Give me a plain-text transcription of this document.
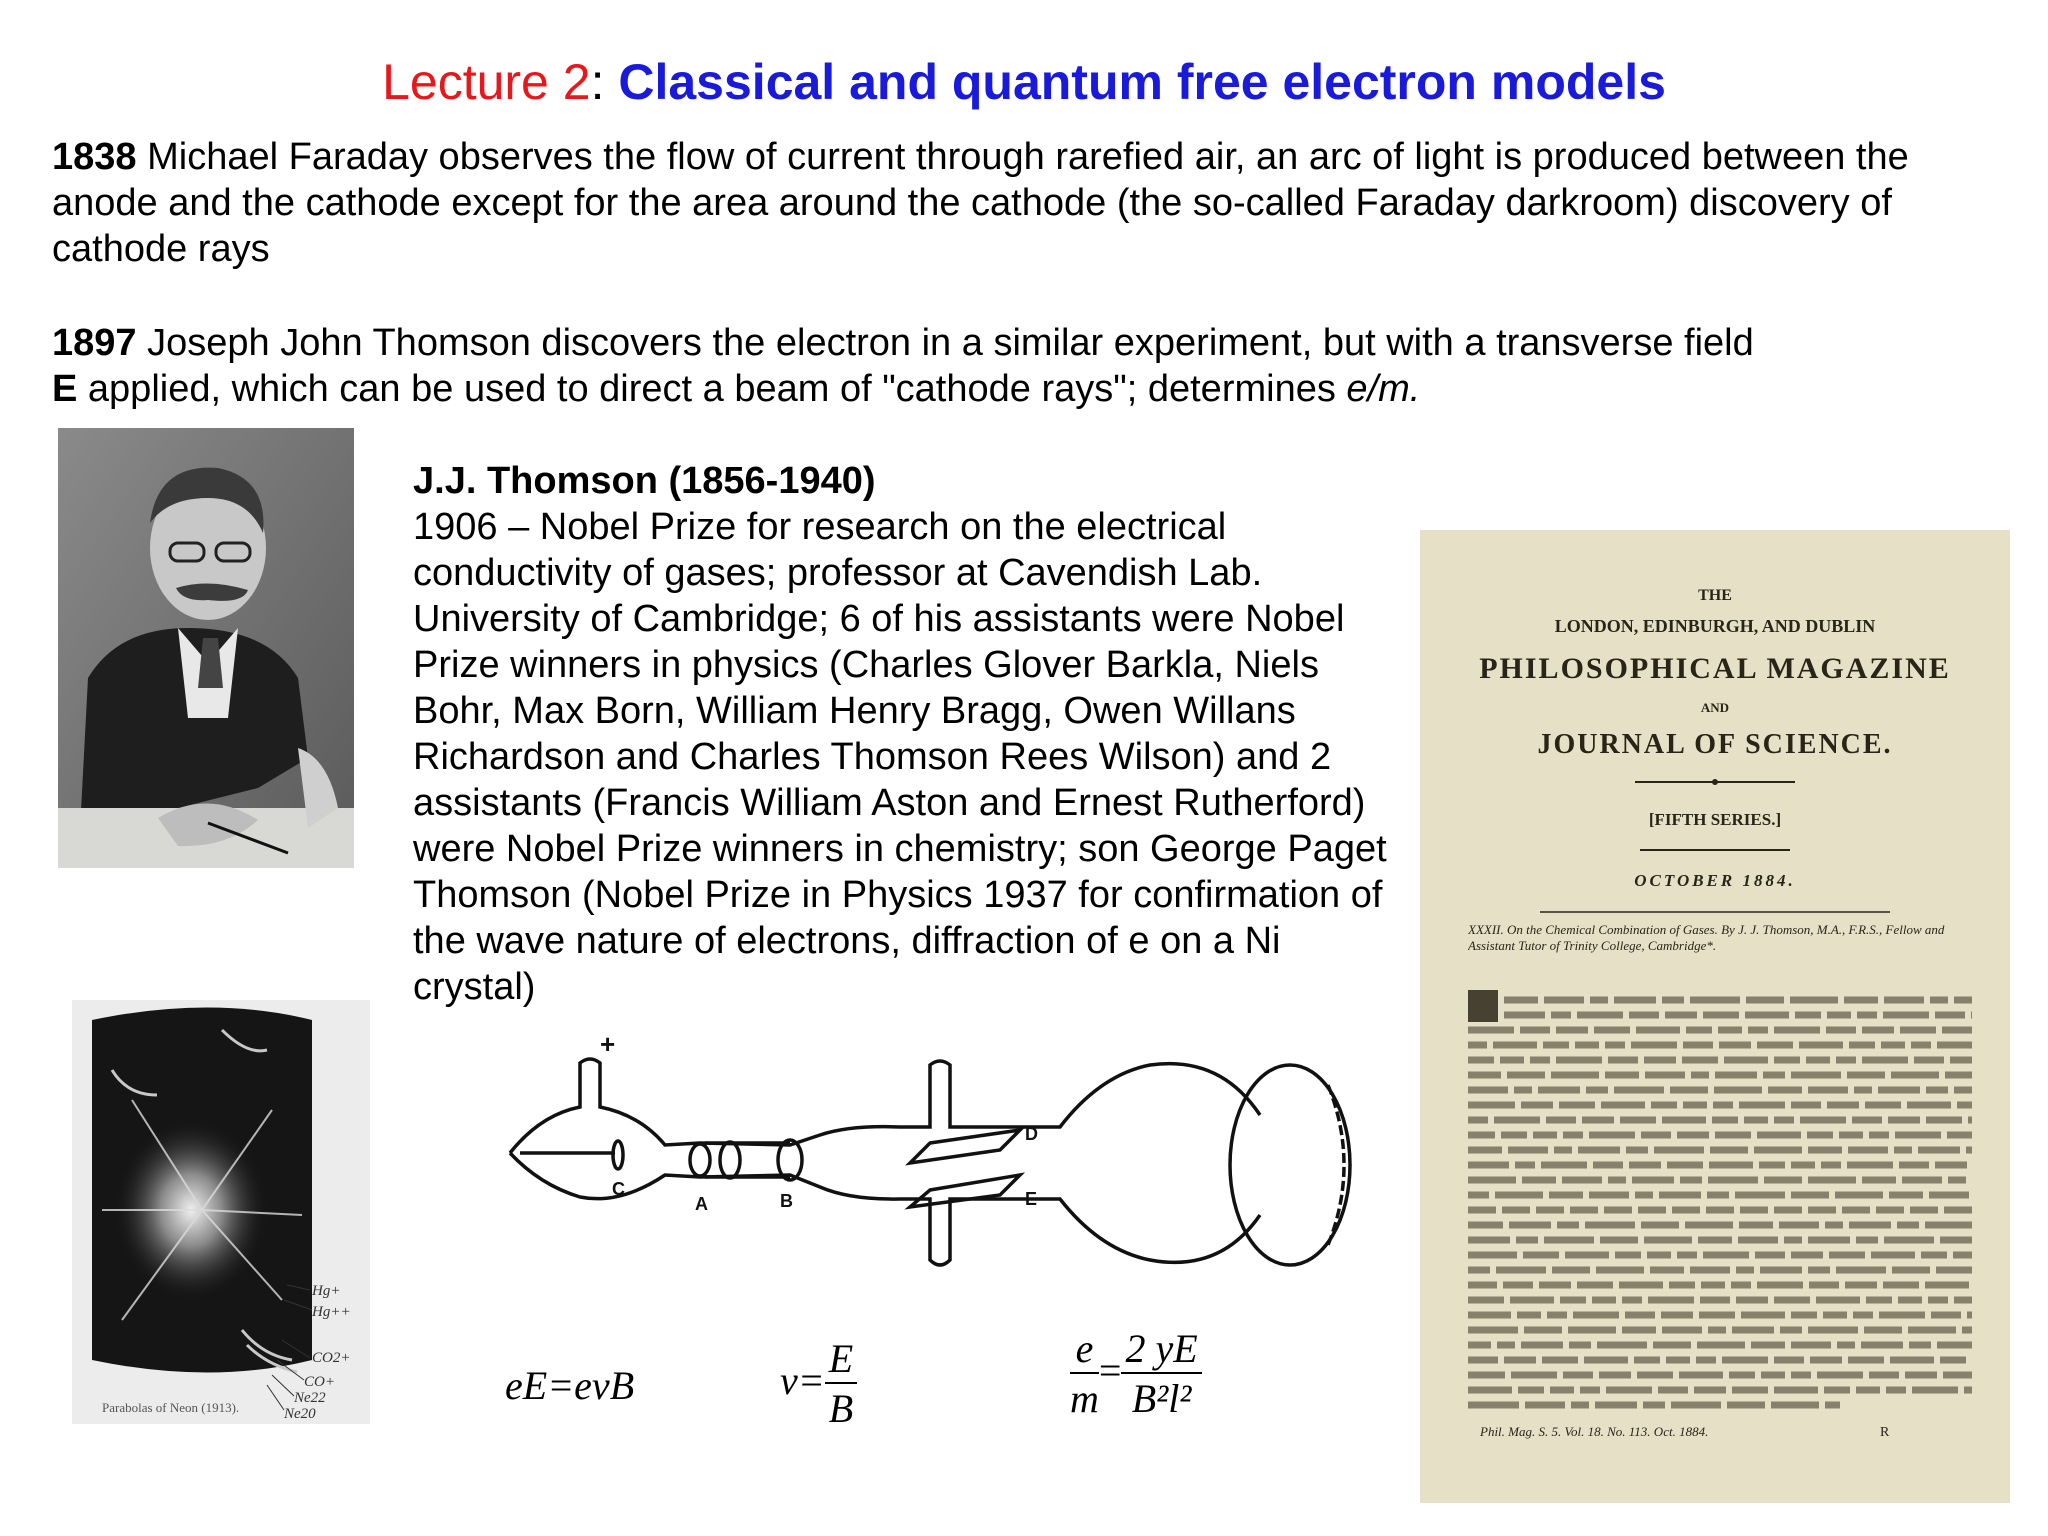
Lecture 2: Classical and quantum free electron models
1838 Michael Faraday observes the flow of current through rarefied air, an arc of light is produced between the anode and the cathode except for the area around the cathode (the so-called Faraday darkroom) discovery of cathode rays
1897 Joseph John Thomson discovers the electron in a similar experiment, but with a transverse field
E applied, which can be used to direct a beam of "cathode rays"; determines e/m.
J.J. Thomson (1856-1940)
1906 – Nobel Prize for research on the electrical conductivity of gases; professor at Cavendish Lab. University of Cambridge; 6 of his assistants were Nobel Prize winners in physics (Charles Glover Barkla, Niels Bohr, Max Born, William Henry Bragg, Owen Willans Richardson and Charles Thomson Rees Wilson) and 2 assistants (Francis William Aston and Ernest Rutherford) were Nobel Prize winners in chemistry; son George Paget Thomson (Nobel Prize in Physics 1937 for confirmation of the wave nature of electrons, diffraction of e on a Ni crystal)
Hg+
Hg++
CO2+
CO+
Ne22
Ne20
Parabolas of Neon (1913).
+
C
A	B
D
E
eE=evB	$v= \frac{E}{B}$	$\frac{e}{m} = \frac{2 yE}{\text{B²l²}}$
THE
LONDON, EDINBURGH, AND DUBLIN
PHILOSOPHICAL MAGAZINE
AND
JOURNAL OF SCIENCE.
[FIFTH SERIES.]
OCTOBER 1884.
XXXII. On the Chemical Combination of Gases. By J. J. Thomson, M.A., F.R.S., Fellow and Assistant Tutor of Trinity College, Cambridge*.
Phil. Mag. S. 5. Vol. 18. No. 113. Oct. 1884.	R
